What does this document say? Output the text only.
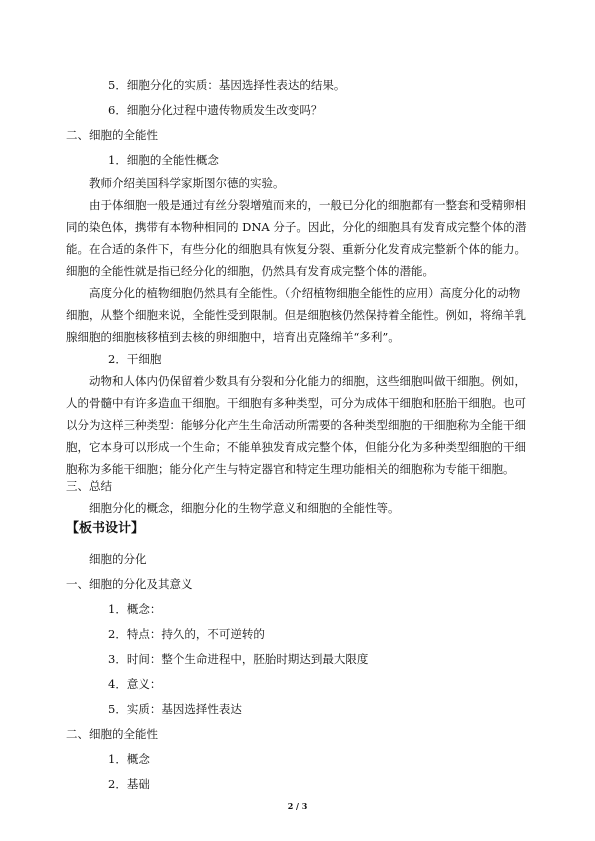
5．细胞分化的实质：基因选择性表达的结果。
6．细胞分化过程中遗传物质发生改变吗？
二、细胞的全能性
1．细胞的全能性概念
教师介绍美国科学家斯图尔德的实验。
由于体细胞一般是通过有丝分裂增殖而来的，一般已分化的细胞都有一整套和受精卵相
同的染色体，携带有本物种相同的 DNA 分子。因此，分化的细胞具有发育成完整个体的潜
能。在合适的条件下，有些分化的细胞具有恢复分裂、重新分化发育成完整新个体的能力。
细胞的全能性就是指已经分化的细胞，仍然具有发育成完整个体的潜能。
高度分化的植物细胞仍然具有全能性。（介绍植物细胞全能性的应用）高度分化的动物
细胞，从整个细胞来说，全能性受到限制。但是细胞核仍然保持着全能性。例如，将绵羊乳
腺细胞的细胞核移植到去核的卵细胞中，培育出克隆绵羊“多利”。
2．干细胞
动物和人体内仍保留着少数具有分裂和分化能力的细胞，这些细胞叫做干细胞。例如，
人的骨髓中有许多造血干细胞。干细胞有多种类型，可分为成体干细胞和胚胎干细胞。也可
以分为这样三种类型：能够分化产生生命活动所需要的各种类型细胞的干细胞称为全能干细
胞，它本身可以形成一个生命；不能单独发育成完整个体，但能分化为多种类型细胞的干细
胞称为多能干细胞；能分化产生与特定器官和特定生理功能相关的细胞称为专能干细胞。
三、总结
细胞分化的概念，细胞分化的生物学意义和细胞的全能性等。
【板书设计】
细胞的分化
一、细胞的分化及其意义
1．概念：
2．特点：持久的，不可逆转的
3．时间：整个生命进程中，胚胎时期达到最大限度
4．意义：
5．实质：基因选择性表达
二、细胞的全能性
1．概念
2．基础
2 / 3
